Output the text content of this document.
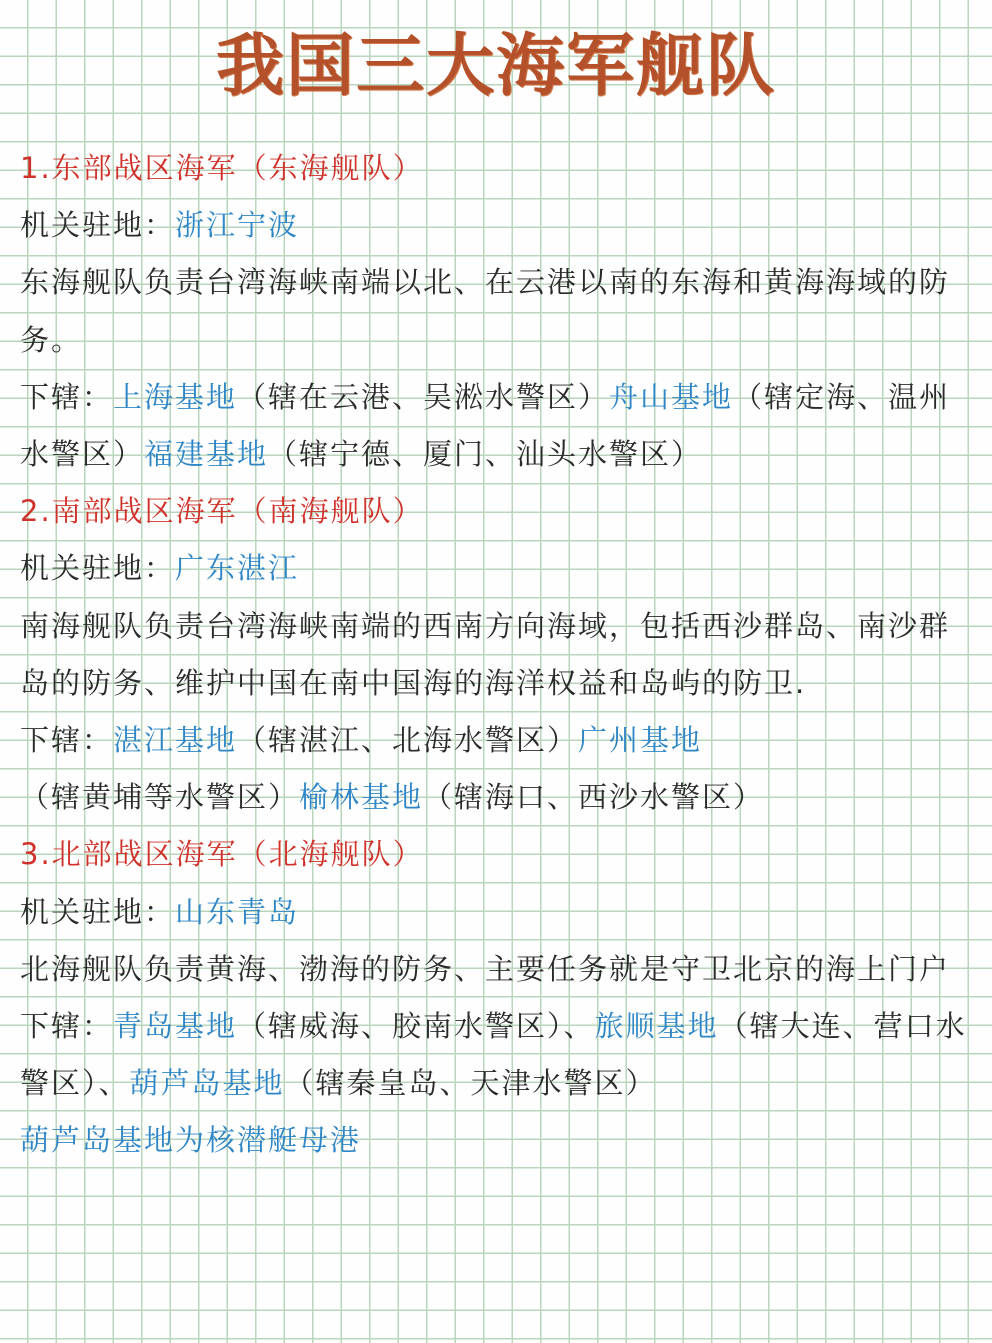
我国三大海军舰队
1.东部战区海军（东海舰队）
机关驻地：浙江宁波
东海舰队负责台湾海峡南端以北、在云港以南的东海和黄海海域的防务。
下辖：上海基地（辖在云港、吴淞水警区）舟山基地（辖定海、温州水警区）福建基地（辖宁德、厦门、汕头水警区）
2.南部战区海军（南海舰队）
机关驻地：广东湛江
南海舰队负责台湾海峡南端的西南方向海域，包括西沙群岛、南沙群岛的防务、维护中国在南中国海的海洋权益和岛屿的防卫.
下辖：湛江基地（辖湛江、北海水警区）广州基地（辖黄埔等水警区）榆林基地（辖海口、西沙水警区）
3.北部战区海军（北海舰队）
机关驻地：山东青岛
北海舰队负责黄海、渤海的防务、主要任务就是守卫北京的海上门户
下辖：青岛基地（辖威海、胶南水警区）、旅顺基地（辖大连、营口水警区）、葫芦岛基地（辖秦皇岛、天津水警区）
葫芦岛基地为核潜艇母港
